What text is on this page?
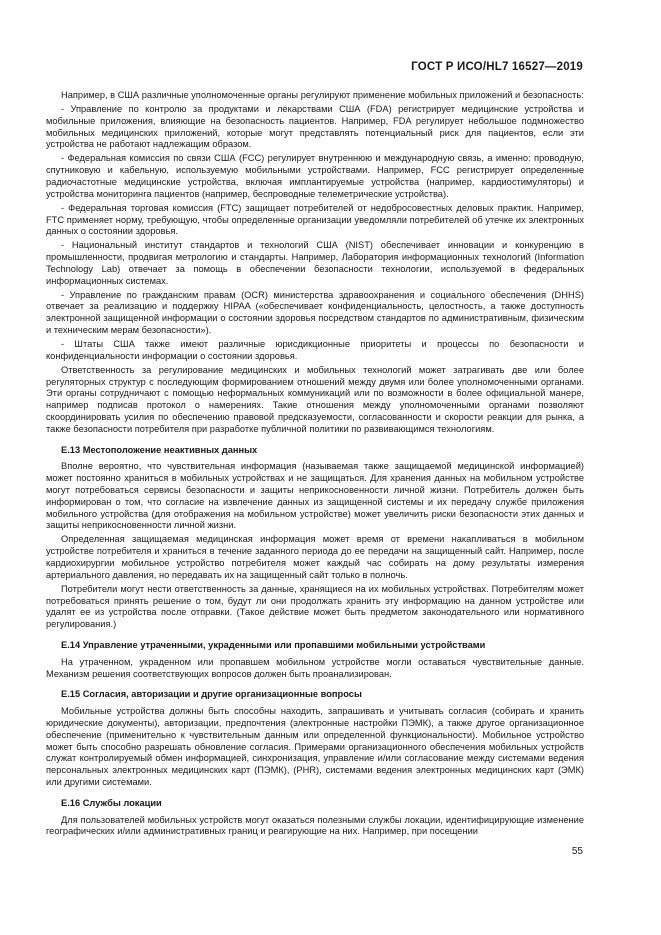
ГОСТ Р ИСО/HL7 16527—2019
Например, в США различные уполномоченные органы регулируют применение мобильных приложений и безопасность:
- Управление по контролю за продуктами и лекарствами США (FDA) регистрирует медицинские устройства и мобильные приложения, влияющие на безопасность пациентов. Например, FDA регулирует небольшое подмножество мобильных медицинских приложений, которые могут представлять потенциальный риск для пациентов, если эти устройства не работают надлежащим образом.
- Федеральная комиссия по связи США (FCC) регулирует внутреннюю и международную связь, а именно: проводную, спутниковую и кабельную, используемую мобильными устройствами. Например, FCC регистрирует определенные радиочастотные медицинские устройства, включая имплантируемые устройства (например, кардиостимуляторы) и устройства мониторинга пациентов (например, беспроводные телеметрические устройства).
- Федеральная торговая комиссия (FTC) защищает потребителей от недобросовестных деловых практик. Например, FTC применяет норму, требующую, чтобы определенные организации уведомляли потребителей об утечке их электронных данных о состоянии здоровья.
- Национальный институт стандартов и технологий США (NIST) обеспечивает инновации и конкуренцию в промышленности, продвигая метрологию и стандарты. Например, Лаборатория информационных технологий (Information Technology Lab) отвечает за помощь в обеспечении безопасности технологии, используемой в федеральных информационных системах.
- Управление по гражданским правам (OCR) министерства здравоохранения и социального обеспечения (DHHS) отвечает за реализацию и поддержку HIPAA («обеспечивает конфиденциальность, целостность, а также доступность электронной защищенной информации о состоянии здоровья посредством стандартов по административным, физическим и техническим мерам безопасности»).
- Штаты США также имеют различные юрисдикционные приоритеты и процессы по безопасности и конфиденциальности информации о состоянии здоровья.
Ответственность за регулирование медицинских и мобильных технологий может затрагивать две или более регуляторных структур с последующим формированием отношений между двумя или более уполномоченными органами. Эти органы сотрудничают с помощью неформальных коммуникаций или по возможности в более официальной манере, например подписав протокол о намерениях. Такие отношения между уполномоченными органами позволяют скоординировать усилия по обеспечению правовой предсказуемости, согласованности и скорости реакции для рынка, а также безопасности потребителя при разработке публичной политики по развивающимся технологиям.
Е.13 Местоположение неактивных данных
Вполне вероятно, что чувствительная информация (называемая также защищаемой медицинской информацией) может постоянно храниться в мобильных устройствах и не защищаться. Для хранения данных на мобильном устройстве могут потребоваться сервисы безопасности и защиты неприкосновенности личной жизни. Потребитель должен быть информирован о том, что согласие на извлечение данных из защищенной системы и их передачу службе приложения мобильного устройства (для отображения на мобильном устройстве) может увеличить риски безопасности этих данных и защиты неприкосновенности личной жизни.
Определенная защищаемая медицинская информация может время от времени накапливаться в мобильном устройстве потребителя и храниться в течение заданного периода до ее передачи на защищенный сайт. Например, после кардиохирургии мобильное устройство потребителя может каждый час собирать на дому результаты измерения артериального давления, но передавать их на защищенный сайт только в полночь.
Потребители могут нести ответственность за данные, хранящиеся на их мобильных устройствах. Потребителям может потребоваться принять решение о том, будут ли они продолжать хранить эту информацию на данном устройстве или удалят ее из устройства после отправки. (Такое действие может быть предметом законодательного или нормативного регулирования.)
Е.14 Управление утраченными, украденными или пропавшими мобильными устройствами
На утраченном, украденном или пропавшем мобильном устройстве могли оставаться чувствительные данные. Механизм решения соответствующих вопросов должен быть проанализирован.
Е.15 Согласия, авторизации и другие организационные вопросы
Мобильные устройства должны быть способны находить, запрашивать и учитывать согласия (собирать и хранить юридические документы), авторизации, предпочтения (электронные настройки ПЭМК), а также другое организационное обеспечение (применительно к чувствительным данным или определенной функциональности). Мобильное устройство может быть способно разрешать обновление согласия. Примерами организационного обеспечения мобильных устройств служат контролируемый обмен информацией, синхронизация, управление и/или согласование между системами ведения персональных электронных медицинских карт (ПЭМК), (PHR), системами ведения электронных медицинских карт (ЭМК) или другими системами.
Е.16 Службы локации
Для пользователей мобильных устройств могут оказаться полезными службы локации, идентифицирующие изменение географических и/или административных границ и реагирующие на них. Например, при посещении
55
